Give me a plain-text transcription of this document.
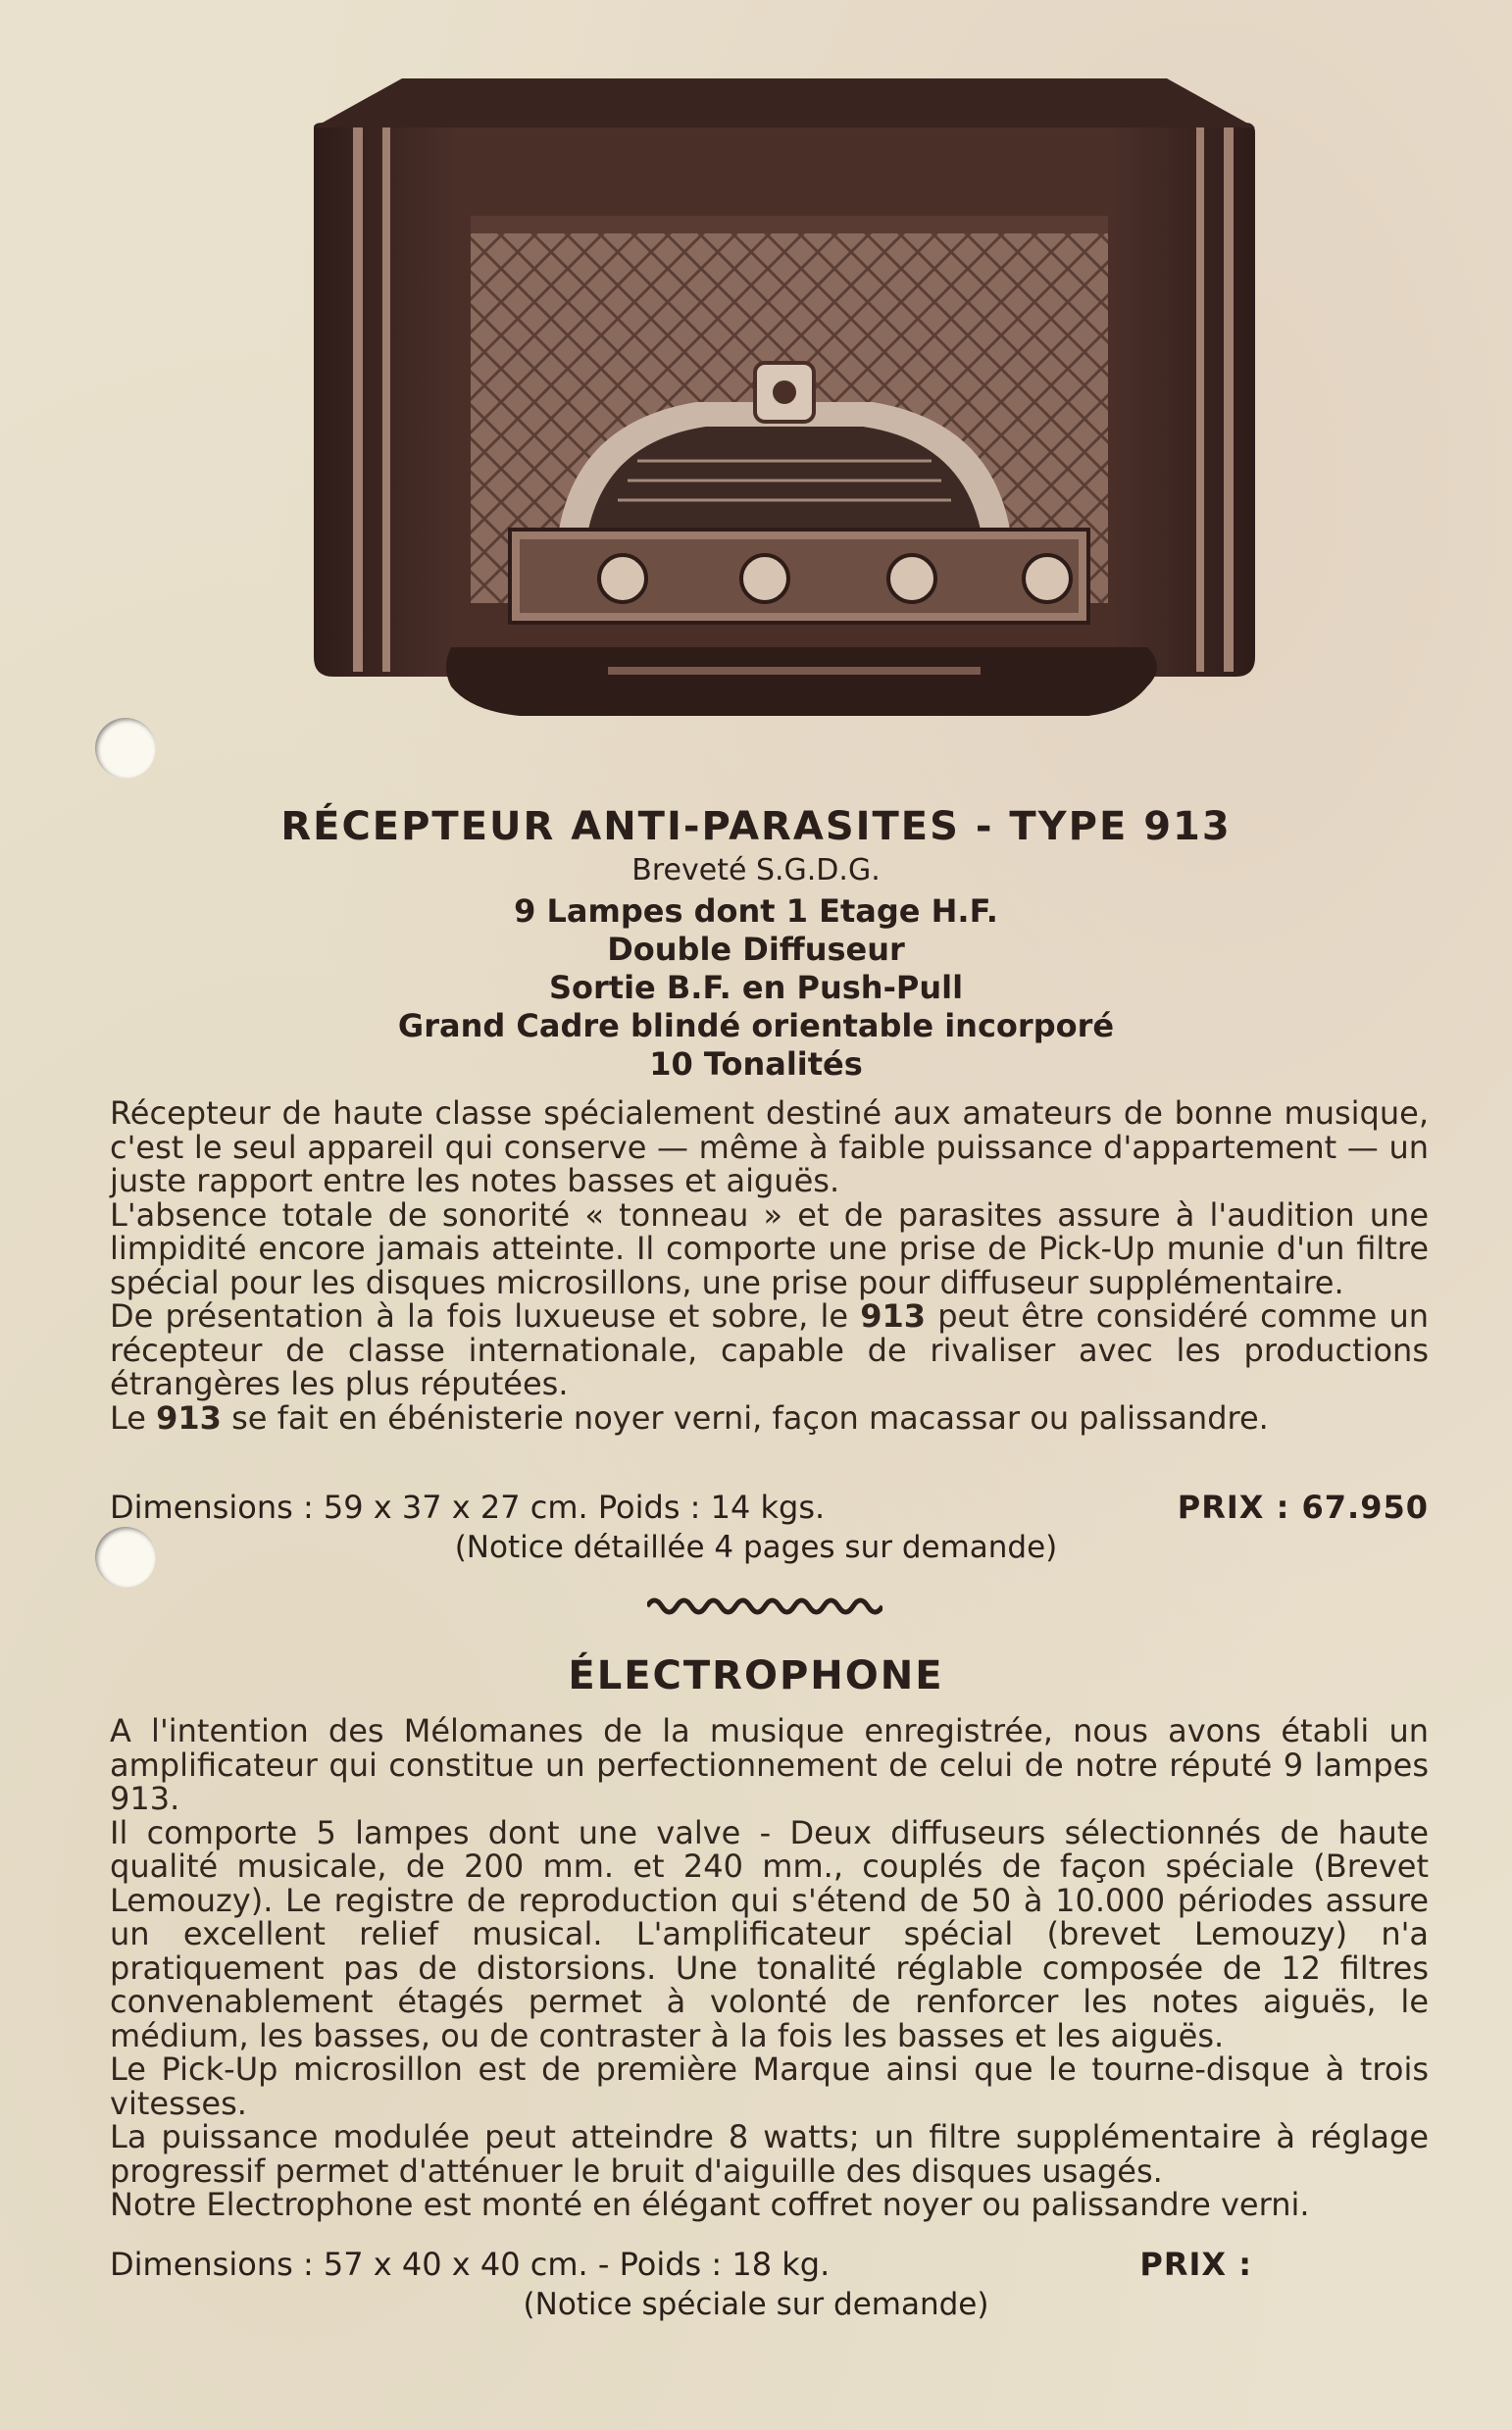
RÉCEPTEUR ANTI-PARASITES - TYPE 913
Breveté S.G.D.G.
9 Lampes dont 1 Etage H.F.
Double Diffuseur
Sortie B.F. en Push-Pull
Grand Cadre blindé orientable incorporé
10 Tonalités

Récepteur de haute classe spécialement destiné aux amateurs de bonne musique, c'est le seul appareil qui conserve — même à faible puissance d'appartement — un juste rapport entre les notes basses et aiguës.

L'absence totale de sonorité « tonneau » et de parasites assure à l'audition une limpidité encore jamais atteinte. Il comporte une prise de Pick-Up munie d'un filtre spécial pour les disques microsillons, une prise pour diffuseur supplémentaire.

De présentation à la fois luxueuse et sobre, le 913 peut être considéré comme un récepteur de classe internationale, capable de rivaliser avec les productions étrangères les plus réputées.

Le 913 se fait en ébénisterie noyer verni, façon macassar ou palissandre.

Dimensions : 59 x 37 x 27 cm. Poids : 14 kgs.	PRIX : 67.950
(Notice détaillée 4 pages sur demande)
ÉLECTROPHONE

A l'intention des Mélomanes de la musique enregistrée, nous avons établi un amplificateur qui constitue un perfectionnement de celui de notre réputé 9 lampes 913.

Il comporte 5 lampes dont une valve - Deux diffuseurs sélectionnés de haute qualité musicale, de 200 mm. et 240 mm., couplés de façon spéciale (Brevet Lemouzy). Le registre de reproduction qui s'étend de 50 à 10.000 périodes assure un excellent relief musical. L'amplificateur spécial (brevet Lemouzy) n'a pratiquement pas de distorsions. Une tonalité réglable composée de 12 filtres convenablement étagés permet à volonté de renforcer les notes aiguës, le médium, les basses, ou de contraster à la fois les basses et les aiguës.

Le Pick-Up microsillon est de première Marque ainsi que le tourne-disque à trois vitesses.

La puissance modulée peut atteindre 8 watts; un filtre supplémentaire à réglage progressif permet d'atténuer le bruit d'aiguille des disques usagés.

Notre Electrophone est monté en élégant coffret noyer ou palissandre verni.

Dimensions : 57 x 40 x 40 cm. - Poids : 18 kg.	PRIX :
(Notice spéciale sur demande)
